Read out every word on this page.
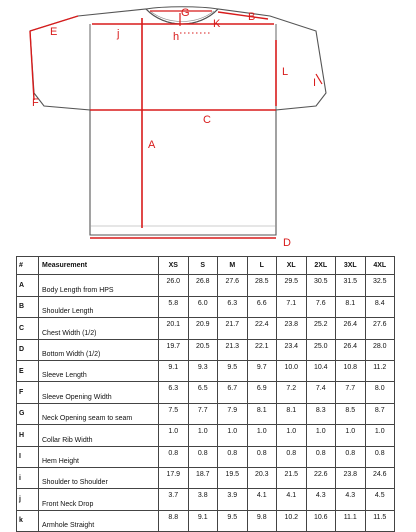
A
B
C
D
E
F
G
h
I
j
K
L
#	Measurement	XS	S	M	L	XL	2XL	3XL	4XL
A	Body Length from HPS	26.0	26.8	27.6	28.5	29.5	30.5	31.5	32.5
B	Shoulder Length	5.8	6.0	6.3	6.6	7.1	7.6	8.1	8.4
C	Chest Width (1/2)	20.1	20.9	21.7	22.4	23.8	25.2	26.4	27.6
D	Bottom Width (1/2)	19.7	20.5	21.3	22.1	23.4	25.0	26.4	28.0
E	Sleeve Length	9.1	9.3	9.5	9.7	10.0	10.4	10.8	11.2
F	Sleeve Opening Width	6.3	6.5	6.7	6.9	7.2	7.4	7.7	8.0
G	Neck Opening seam to seam	7.5	7.7	7.9	8.1	8.1	8.3	8.5	8.7
H	Collar Rib Width	1.0	1.0	1.0	1.0	1.0	1.0	1.0	1.0
I	Hem Height	0.8	0.8	0.8	0.8	0.8	0.8	0.8	0.8
i	Shoulder to Shoulder	17.9	18.7	19.5	20.3	21.5	22.6	23.8	24.6
j	Front Neck Drop	3.7	3.8	3.9	4.1	4.1	4.3	4.3	4.5
k	Armhole Straight	8.8	9.1	9.5	9.8	10.2	10.6	11.1	11.5
